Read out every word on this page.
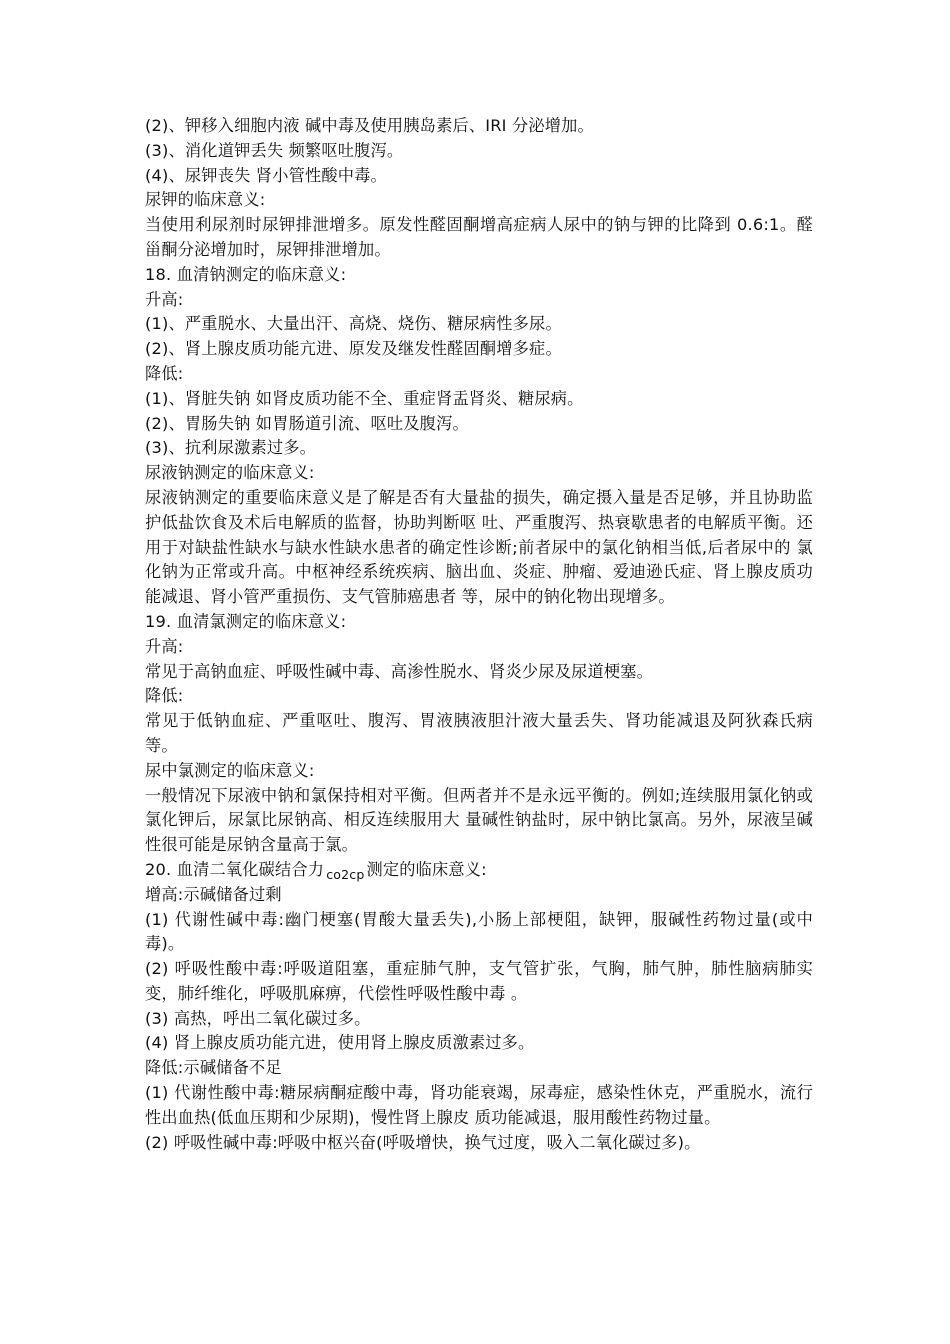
(2)、钾移入细胞内液 碱中毒及使用胰岛素后、IRI 分泌增加。
(3)、消化道钾丢失 频繁呕吐腹泻。
(4)、尿钾丧失 肾小管性酸中毒。
尿钾的临床意义:
当使用利尿剂时尿钾排泄增多。原发性醛固酮增高症病人尿中的钠与钾的比降到 0.6:1。醛甾酮分泌增加时，尿钾排泄增加。
18. 血清钠测定的临床意义:
升高:
(1)、严重脱水、大量出汗、高烧、烧伤、糖尿病性多尿。
(2)、肾上腺皮质功能亢进、原发及继发性醛固酮增多症。
降低:
(1)、肾脏失钠 如肾皮质功能不全、重症肾盂肾炎、糖尿病。
(2)、胃肠失钠 如胃肠道引流、呕吐及腹泻。
(3)、抗利尿激素过多。
尿液钠测定的临床意义:
尿液钠测定的重要临床意义是了解是否有大量盐的损失，确定摄入量是否足够，并且协助监护低盐饮食及术后电解质的监督，协助判断呕 吐、严重腹泻、热衰歇患者的电解质平衡。还用于对缺盐性缺水与缺水性缺水患者的确定性诊断;前者尿中的氯化钠相当低,后者尿中的 氯化钠为正常或升高。中枢神经系统疾病、脑出血、炎症、肿瘤、爱迪逊氏症、肾上腺皮质功能减退、肾小管严重损伤、支气管肺癌患者 等，尿中的钠化物出现增多。
19. 血清氯测定的临床意义:
升高:
常见于高钠血症、呼吸性碱中毒、高渗性脱水、肾炎少尿及尿道梗塞。
降低:
常见于低钠血症、严重呕吐、腹泻、胃液胰液胆汁液大量丢失、肾功能减退及阿狄森氏病等。
尿中氯测定的临床意义:
一般情况下尿液中钠和氯保持相对平衡。但两者并不是永远平衡的。例如;连续服用氯化钠或氯化钾后，尿氯比尿钠高、相反连续服用大 量碱性钠盐时，尿中钠比氯高。另外，尿液呈碱性很可能是尿钠含量高于氯。
20. 血清二氧化碳结合力 $_{co2cp}$ 测定的临床意义:
增高:示碱储备过剩
(1) 代谢性碱中毒:幽门梗塞(胃酸大量丢失),小肠上部梗阻，缺钾，服碱性药物过量(或中毒)。
(2) 呼吸性酸中毒:呼吸道阻塞，重症肺气肿，支气管扩张，气胸，肺气肿，肺性脑病肺实变，肺纤维化，呼吸肌麻痹，代偿性呼吸性酸中毒 。
(3) 高热，呼出二氧化碳过多。
(4) 肾上腺皮质功能亢进，使用肾上腺皮质激素过多。
降低:示碱储备不足
(1) 代谢性酸中毒:糖尿病酮症酸中毒，肾功能衰竭，尿毒症，感染性休克，严重脱水，流行性出血热(低血压期和少尿期)，慢性肾上腺皮 质功能减退，服用酸性药物过量。
(2) 呼吸性碱中毒:呼吸中枢兴奋(呼吸增快，换气过度，吸入二氧化碳过多)。
